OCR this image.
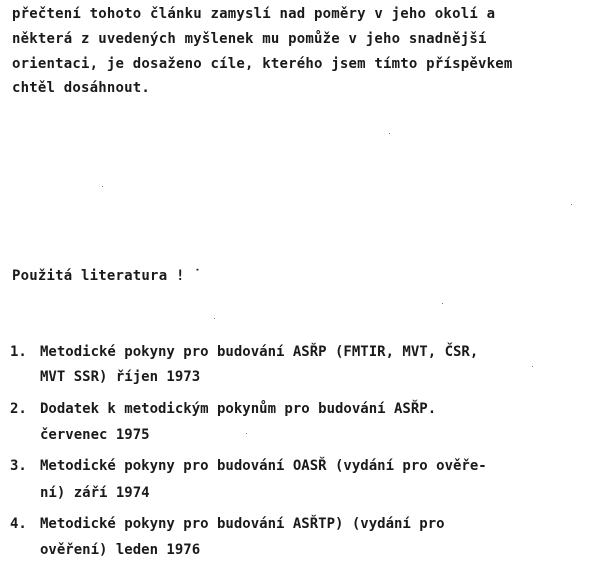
přečtení tohoto článku zamyslí nad poměry v jeho okolí a
některá z uvedených myšlenek mu pomůže v jeho snadnější
orientaci, je dosaženo cíle, kterého jsem tímto příspěvkem
chtěl dosáhnout.
Použitá literatura ! ˙
1. Metodické pokyny pro budování ASŘP (FMTIR, MVT, ČSR,
MVT SSR) říjen 1973
2. Dodatek k metodickým pokynům pro budování ASŘP.
červenec 1975
3. Metodické pokyny pro budování OASŘ (vydání pro ověře-
ní) září 1974
4. Metodické pokyny pro budování ASŘTP) (vydání pro
ověření) leden 1976
